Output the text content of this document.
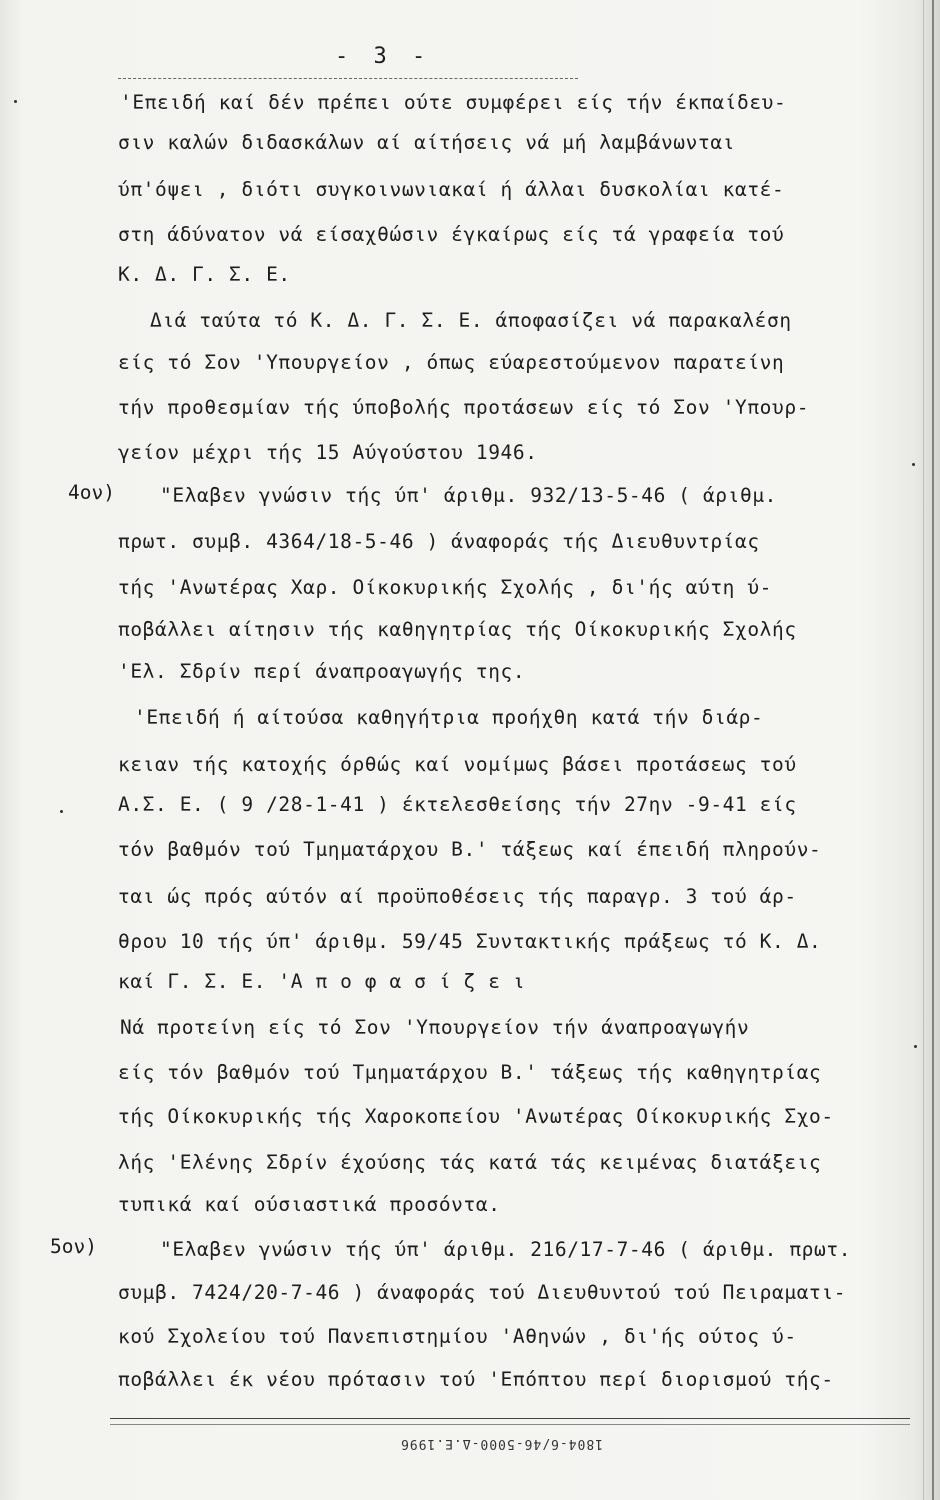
- 3 -
4ον)
5ον)
'Επειδή καί δέν πρέπει ούτε συμφέρει είς τήν έκπαίδευ-
σιν καλών διδασκάλων αί αίτήσεις νά μή λαμβάνωνται
ύπ'όψει , διότι συγκοινωνιακαί ή άλλαι δυσκολίαι κατέ-
στη άδύνατον νά είσαχθώσιν έγκαίρως είς τά γραφεία τού
Κ. Δ. Γ. Σ. Ε.
Διά ταύτα τό Κ. Δ. Γ. Σ. Ε. άποφασίζει νά παρακαλέση
είς τό Σον 'Υπουργείον , όπως εύαρεστούμενον παρατείνη
τήν προθεσμίαν τής ύποβολής προτάσεων είς τό Σον 'Υπουρ-
γείον μέχρι τής 15 Αύγούστου 1946.
"Ελαβεν γνώσιν τής ύπ' άριθμ. 932/13-5-46 ( άριθμ.
πρωτ. συμβ. 4364/18-5-46 ) άναφοράς τής Διευθυντρίας
τής 'Ανωτέρας Χαρ. Οίκοκυρικής Σχολής , δι'ής αύτη ύ-
ποβάλλει αίτησιν τής καθηγητρίας τής Οίκοκυρικής Σχολής
'Ελ. Σδρίν περί άναπροαγωγής της.
'Επειδή ή αίτούσα καθηγήτρια προήχθη κατά τήν διάρ-
κειαν τής κατοχής όρθώς καί νομίμως βάσει προτάσεως τού
Α.Σ. Ε. ( 9 /28-1-41 ) έκτελεσθείσης τήν 27ην -9-41 είς
τόν βαθμόν τού Τμηματάρχου Β.' τάξεως καί έπειδή πληρούν-
ται ώς πρός αύτόν αί προϋποθέσεις τής παραγρ. 3 τού άρ-
θρου 10 τής ύπ' άριθμ. 59/45 Συντακτικής πράξεως τό Κ. Δ.
καί Γ. Σ. Ε. 'Α π ο φ α σ ί ζ ε ι
Νά προτείνη είς τό Σον 'Υπουργείον τήν άναπροαγωγήν
είς τόν βαθμόν τού Τμηματάρχου Β.' τάξεως τής καθηγητρίας
τής Οίκοκυρικής τής Χαροκοπείου 'Ανωτέρας Οίκοκυρικής Σχο-
λής 'Ελένης Σδρίν έχούσης τάς κατά τάς κειμένας διατάξεις
τυπικά καί ούσιαστικά προσόντα.
"Ελαβεν γνώσιν τής ύπ' άριθμ. 216/17-7-46 ( άριθμ. πρωτ.
συμβ. 7424/20-7-46 ) άναφοράς τού Διευθυντού τού Πειραματι-
κού Σχολείου τού Πανεπιστημίου 'Αθηνών , δι'ής ούτος ύ-
ποβάλλει έκ νέου πρότασιν τού 'Επόπτου περί διορισμού τής-
1804-6/46-5000-Δ.Ε.1996
